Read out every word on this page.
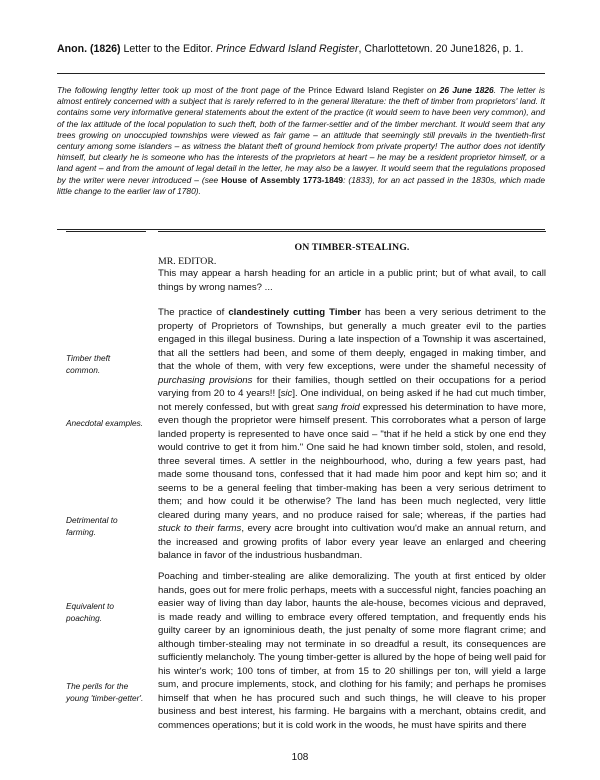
Anon. (1826) Letter to the Editor. Prince Edward Island Register, Charlottetown. 20 June1826, p. 1.

The following lengthy letter took up most of the front page of the Prince Edward Island Register on 26 June 1826. The letter is almost entirely concerned with a subject that is rarely referred to in the general literature: the theft of timber from proprietors' land. It contains some very informative general statements about the extent of the practice (it would seem to have been very common), and of the lax attitude of the local population to such theft, both of the farmer-settler and of the timber merchant. It would seem that any trees growing on unoccupied townships were viewed as fair game – an attitude that seemingly still prevails in the twentieth-first century among some islanders – as witness the blatant theft of ground hemlock from private property! The author does not identify himself, but clearly he is someone who has the interests of the proprietors at heart – he may be a resident proprietor himself, or a land agent – and from the amount of legal detail in the letter, he may also be a lawyer. It would seem that the regulations proposed by the writer were never introduced – (see House of Assembly 1773-1849: (1833), for an act passed in the 1830s, which made little change to the earlier law of 1780).

ON TIMBER-STEALING.
MR. EDITOR.

This may appear a harsh heading for an article in a public print; but of what avail, to call things by wrong names? ...

The practice of clandestinely cutting Timber has been a very serious detriment to the property of Proprietors of Townships, but generally a much greater evil to the parties engaged in this illegal business. During a late inspection of a Township it was ascertained, that all the settlers had been, and some of them deeply, engaged in making timber, and that the whole of them, with very few exceptions, were under the shameful necessity of purchasing provisions for their families, though settled on their occupations for a period varying from 20 to 4 years!! [sic]. One individual, on being asked if he had cut much timber, not merely confessed, but with great sang froid expressed his determination to have more, even though the proprietor were himself present. This corroborates what a person of large landed property is represented to have once said – "that if he held a stick by one end they would contrive to get it from him." One said he had known timber sold, stolen, and resold, three several times. A settler in the neighbourhood, who, during a few years past, had made some thousand tons, confessed that it had made him poor and kept him so; and it seems to be a general feeling that timber-making has been a very serious detriment to them; and how could it be otherwise? The land has been much neglected, very little cleared during many years, and no produce raised for sale; whereas, if the parties had stuck to their farms, every acre brought into cultivation wou'd make an annual return, and the increased and growing profits of labor every year leave an enlarged and cheering balance in favor of the industrious husbandman.

Poaching and timber-stealing are alike demoralizing. The youth at first enticed by older hands, goes out for mere frolic perhaps, meets with a successful night, fancies poaching an easier way of living than day labor, haunts the ale-house, becomes vicious and depraved, is made ready and willing to embrace every offered temptation, and frequently ends his guilty career by an ignominious death, the just penalty of some more flagrant crime; and although timber-stealing may not terminate in so dreadful a result, its consequences are sufficiently melancholy. The young timber-getter is allured by the hope of being well paid for his winter's work; 100 tons of timber, at from 15 to 20 shillings per ton, will yield a large sum, and procure implements, stock, and clothing for his family; and perhaps he promises himself that when he has procured such and such things, he will cleave to his proper business and best interest, his farming. He bargains with a merchant, obtains credit, and commences operations; but it is cold work in the woods, he must have spirits and there

Timber theft common.
Anecdotal examples.
Detrimental to farming.
Equivalent to poaching.
The perils for the young 'timber-getter'.
108
